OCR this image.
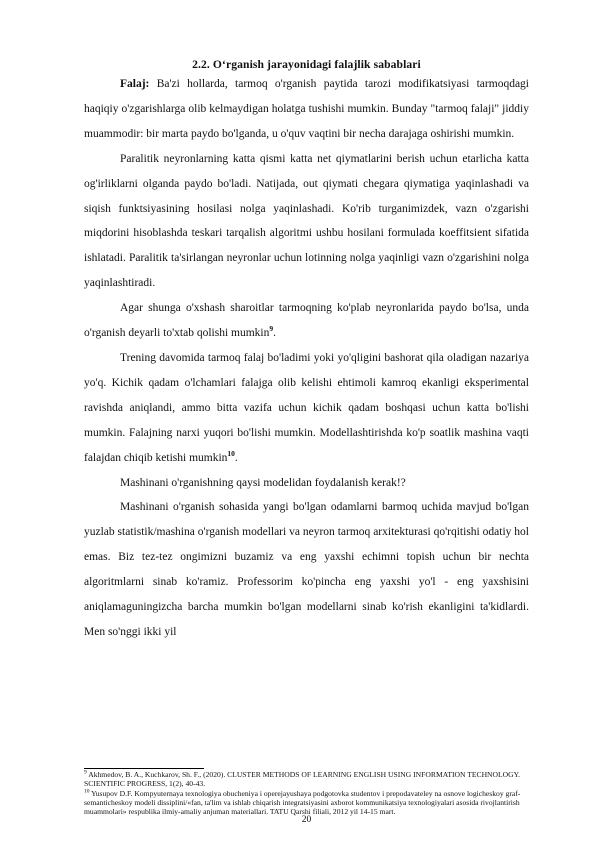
2.2. O‘rganish jarayonidagi falajlik sabablari

Falaj: Ba'zi hollarda, tarmoq o'rganish paytida tarozi modifikatsiyasi tarmoqdagi haqiqiy o'zgarishlarga olib kelmaydigan holatga tushishi mumkin. Bunday "tarmoq falaji" jiddiy muammodir: bir marta paydo bo'lganda, u o'quv vaqtini bir necha darajaga oshirishi mumkin.

Paralitik neyronlarning katta qismi katta net qiymatlarini berish uchun etarlicha katta og'irliklarni olganda paydo bo'ladi. Natijada, out qiymati chegara qiymatiga yaqinlashadi va siqish funktsiyasining hosilasi nolga yaqinlashadi. Ko'rib turganimizdek, vazn o'zgarishi miqdorini hisoblashda teskari tarqalish algoritmi ushbu hosilani formulada koeffitsient sifatida ishlatadi. Paralitik ta'sirlangan neyronlar uchun lotinning nolga yaqinligi vazn o'zgarishini nolga yaqinlashtiradi.

Agar shunga o'xshash sharoitlar tarmoqning ko'plab neyronlarida paydo bo'lsa, unda o'rganish deyarli to'xtab qolishi mumkin$^9$.

Trening davomida tarmoq falaj bo'ladimi yoki yo'qligini bashorat qila oladigan nazariya yo'q. Kichik qadam o'lchamlari falajga olib kelishi ehtimoli kamroq ekanligi eksperimental ravishda aniqlandi, ammo bitta vazifa uchun kichik qadam boshqasi uchun katta bo'lishi mumkin. Falajning narxi yuqori bo'lishi mumkin. Modellashtirishda ko'p soatlik mashina vaqti falajdan chiqib ketishi mumkin$^{10}$.

Mashinani o'rganishning qaysi modelidan foydalanish kerak!?

Mashinani o'rganish sohasida yangi bo'lgan odamlarni barmoq uchida mavjud bo'lgan yuzlab statistik/mashina o'rganish modellari va neyron tarmoq arxitekturasi qo'rqitishi odatiy hol emas. Biz tez-tez ongimizni buzamiz va eng yaxshi echimni topish uchun bir nechta algoritmlarni sinab ko'ramiz. Professorim ko'pincha eng yaxshi yo'l - eng yaxshisini aniqlamaguningizcha barcha mumkin bo'lgan modellarni sinab ko'rish ekanligini ta'kidlardi. Men so'nggi ikki yil

$^9$ Akhmedov, B. A., Kuchkarov, Sh. F., (2020). CLUSTER METHODS OF LEARNING ENGLISH USING INFORMATION TECHNOLOGY. SCIENTIFIC PROGRESS, 1(2), 40-43.

$^{10}$ Yusupov D.F. Kompyuternaya texnologiya obucheniya i operejayushaya podgotovka studentov i prepodavateley na osnove logicheskoy graf- semanticheskoy modeli dissiplini/«fan, ta'lim va ishlab chiqarish integratsiyasini axborot kommunikatsiya texnologiyalari asosida rivojlantirish muammolari» respublika ilmiy-amaliy anjuman materiallari. TATU Qarshi filiali, 2012 yil 14-15 mart.

20
